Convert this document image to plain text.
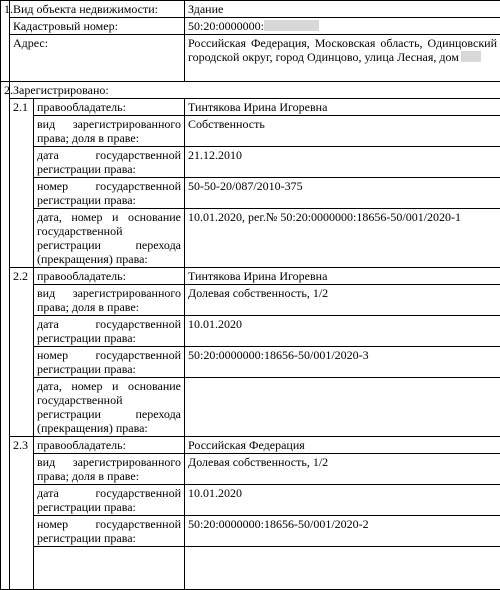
1.	Вид объекта недвижимости:		Здание
	Кадастровый номер:		50:20:0000000:
	Адрес:		Российская Федерация, Московская область, Одинцовский городской округ, город Одинцово, улица Лесная, дом
2.	Зарегистрировано:		
	2.1	правообладатель:	Тинтякова Ирина Игоревна
		вид зарегистрированного права; доля в праве:	Собственность
		дата государственной регистрации права:	21.12.2010
		номер государственной регистрации права:	50-50-20/087/2010-375
		дата, номер и основание государственной регистрации перехода (прекращения) права:	10.01.2020, рег.№ 50:20:0000000:18656-50/001/2020-1
	2.2	правообладатель:	Тинтякова Ирина Игоревна
		вид зарегистрированного права; доля в праве:	Долевая собственность, 1/2
		дата государственной регистрации права:	10.01.2020
		номер государственной регистрации права:	50:20:0000000:18656-50/001/2020-3
		дата, номер и основание государственной регистрации перехода (прекращения) права:	
	2.3	правообладатель:	Российская Федерация
		вид зарегистрированного права; доля в праве:	Долевая собственность, 1/2
		дата государственной регистрации права:	10.01.2020
		номер государственной регистрации права:	50:20:0000000:18656-50/001/2020-2
